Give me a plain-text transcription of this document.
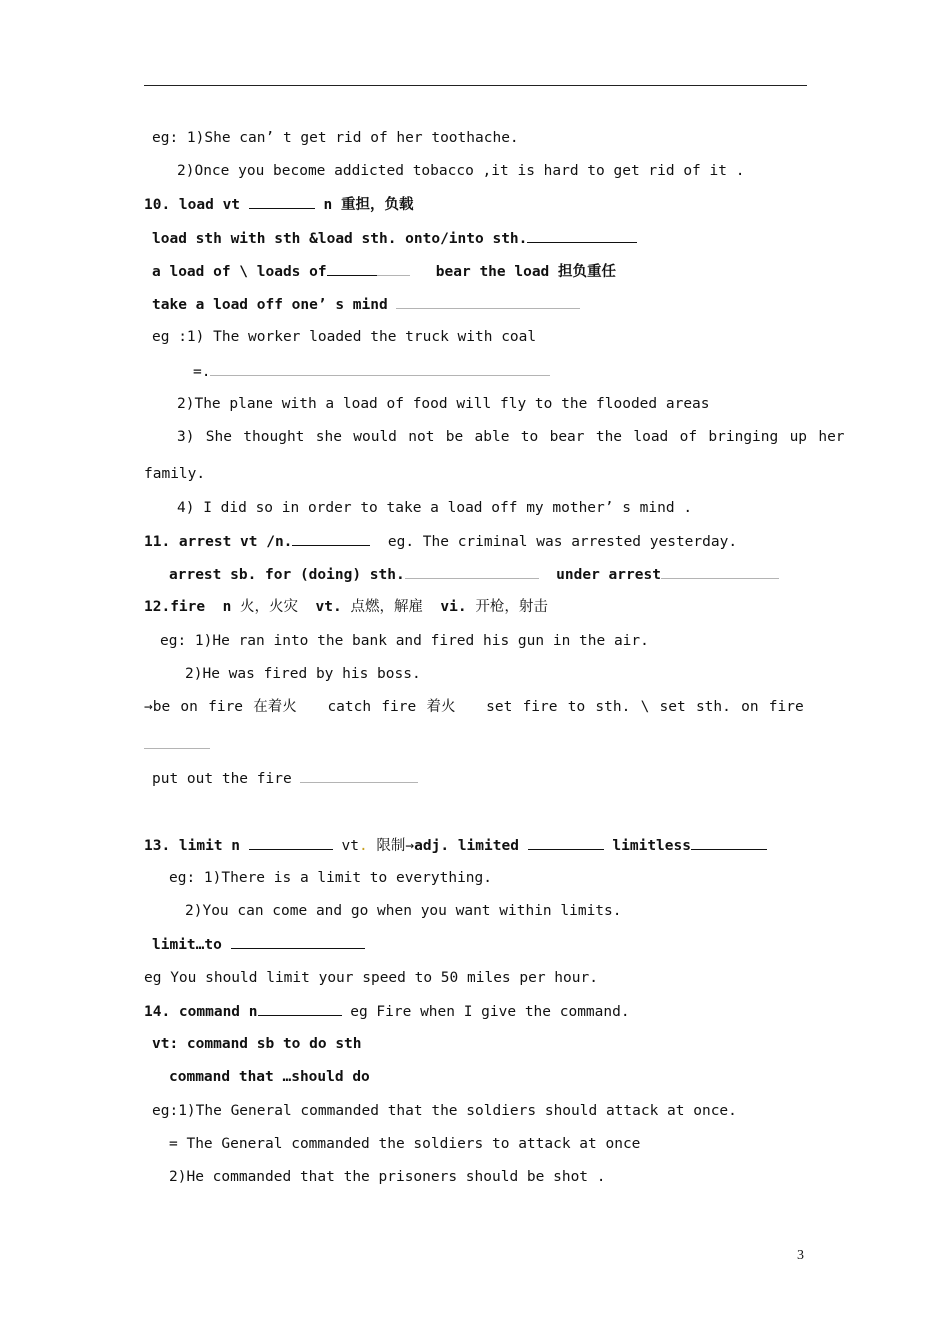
eg: 1)She can’ t get rid of her toothache.
2)Once you become addicted tobacco ,it is hard to get rid of it .
10. load vt	n 重担，负载
load sth with sth &load sth. onto/into sth.
a load of \ loads of	bear the load 担负重任
take a load off one’ s mind
eg :1) The worker loaded the truck with coal
=.
2)The plane with a load of food will fly to the flooded areas
3) She thought she would not be able to bear the load of bringing up her
family.
4) I did so in order to take a load off my mother’ s mind .
11. arrest vt /n.	eg. The criminal was arrested yesterday.
arrest sb. for (doing) sth.	under arrest
12.fire  n 火，火灾  vt. 点燃，解雇  vi. 开枪，射击
eg: 1)He ran into the bank and fired his gun in the air.
2)He was fired by his boss.
→be on fire 在着火   catch fire 着火   set fire to sth. \ set sth. on fire
put out the fire
13. limit n	vt. 限制→adj. limited	limitless
eg: 1)There is a limit to everything.
2)You can come and go when you want within limits.
limit…to
eg You should limit your speed to 50 miles per hour.
14. command n	eg Fire when I give the command.
vt: command sb to do sth
command that …should do
eg:1)The General commanded that the soldiers should attack at once.
= The General commanded the soldiers to attack at once
2)He commanded that the prisoners should be shot .
3
